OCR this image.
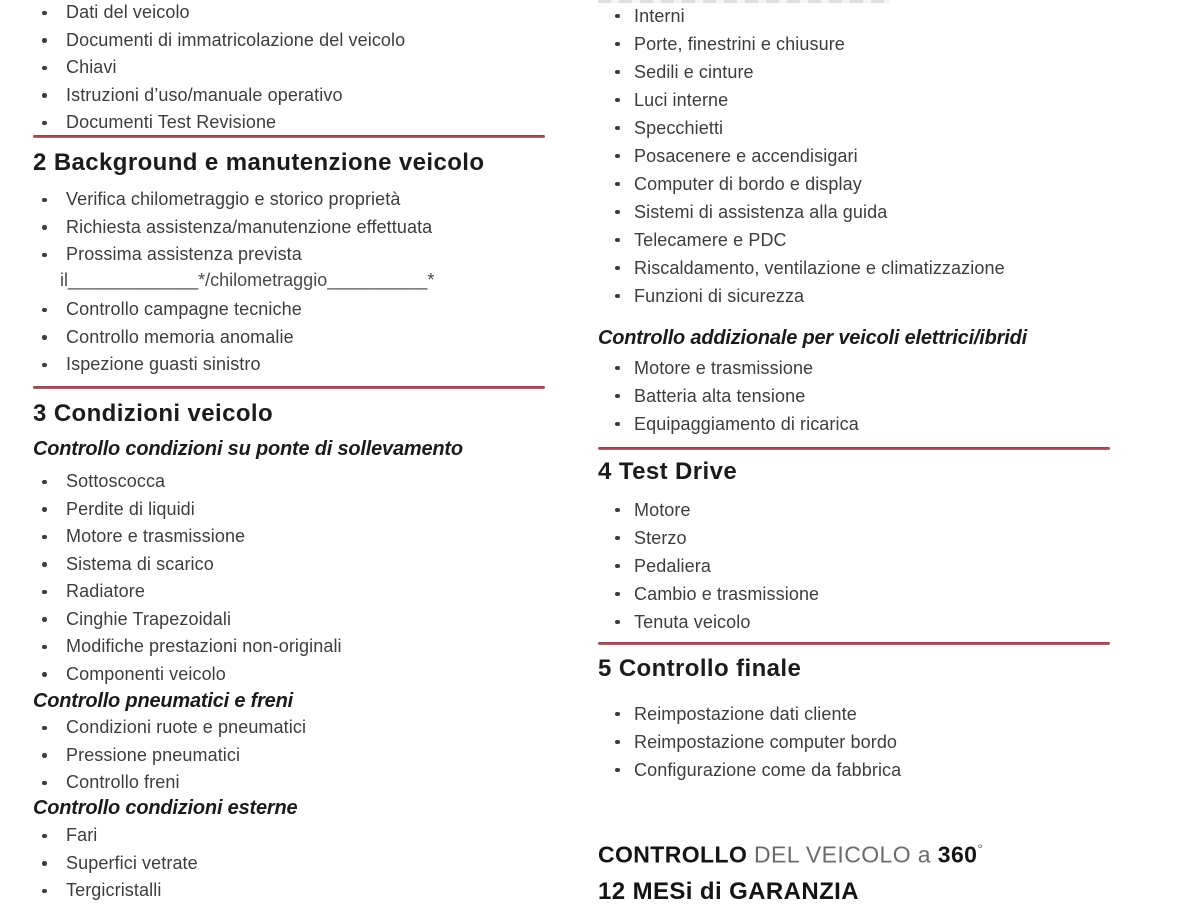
Dati del veicolo
Documenti di immatricolazione del veicolo
Chiavi
Istruzioni d’uso/manuale operativo
Documenti Test Revisione
2 Background e manutenzione veicolo
Verifica chilometraggio e storico proprietà
Richiesta assistenza/manutenzione effettuata
Prossima assistenza prevista
il_____________*/chilometraggio__________*
Controllo campagne tecniche
Controllo memoria anomalie
Ispezione guasti sinistro
3 Condizioni veicolo
Controllo condizioni su ponte di sollevamento
Sottoscocca
Perdite di liquidi
Motore e trasmissione
Sistema di scarico
Radiatore
Cinghie Trapezoidali
Modifiche prestazioni non-originali
Componenti veicolo
Controllo pneumatici e freni
Condizioni ruote e pneumatici
Pressione pneumatici
Controllo freni
Controllo condizioni esterne
Fari
Superfici vetrate
Tergicristalli
Interni
Porte, finestrini e chiusure
Sedili e cinture
Luci interne
Specchietti
Posacenere e accendisigari
Computer di bordo e display
Sistemi di assistenza alla guida
Telecamere e PDC
Riscaldamento, ventilazione e climatizzazione
Funzioni di sicurezza
Controllo addizionale per veicoli elettrici/ibridi
Motore e trasmissione
Batteria alta tensione
Equipaggiamento di ricarica
4 Test Drive
Motore
Sterzo
Pedaliera
Cambio e trasmissione
Tenuta veicolo
5 Controllo finale
Reimpostazione dati cliente
Reimpostazione computer bordo
Configurazione come da fabbrica
CONTROLLO DEL VEICOLO a 360°
12 MESi di GARANZIA
